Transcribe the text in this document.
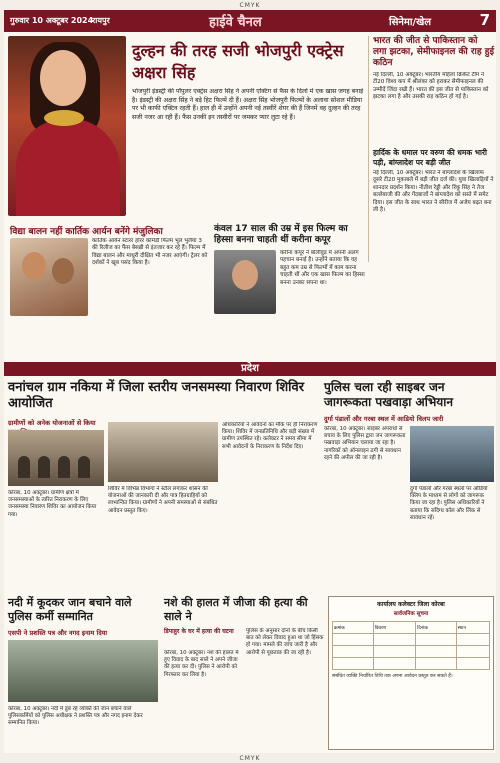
CMYK
गुरुवार 10 अक्टूबर 2024
रायपुर	हाईवे चैनल	सिनेमा/खेल	7
दुल्हन की तरह सजी भोजपुरी एक्ट्रेस अक्षरा सिंह
भोजपुरी इंडस्ट्री की पॉपुलर एक्ट्रेस अक्षरा सिंह ने अपनी एक्टिंग से फैंस के दिलों में एक खास जगह बनाई है। इंडस्ट्री की अक्षरा सिंह ने बड़े हिट फिल्में दी हैं। अक्षरा सिंह भोजपुरी फिल्मों के अलावा सोशल मीडिया पर भी काफी एक्टिव रहती हैं। हाल ही में उन्होंने अपनी नई तस्वीरें शेयर की हैं जिनमें वह दुल्हन की तरह सजी नजर आ रही हैं। फैंस उनकी इन तस्वीरों पर जमकर प्यार लुटा रहे हैं।
भारत की जीत से पाकिस्तान को लगा झटका, सेमीफाइनल की राह हुई कठिन
नई दिल्ली, 10 अक्टूबर। भारतीय महिला क्रिकेट टीम ने टी20 विश्व कप में श्रीलंका को हराकर सेमीफाइनल की उम्मीदें जिंदा रखी हैं। भारत की इस जीत से पाकिस्तान को झटका लगा है और उसकी राह कठिन हो गई है।
हार्दिक के धमाल पर वरुण की धमक भारी पड़ी, बांग्लादेश पर बड़ी जीत
नई दिल्ली, 10 अक्टूबर। भारत ने बांग्लादेश के खिलाफ दूसरे टी20 मुकाबले में बड़ी जीत दर्ज की। युवा खिलाड़ियों ने शानदार प्रदर्शन किया। नीतीश रेड्डी और रिंकू सिंह ने तेज बल्लेबाजी की और गेंदबाजों ने बांग्लादेश को सस्ते में समेट दिया। इस जीत के साथ भारत ने सीरीज में अजेय बढ़त बना ली है।
विद्या बालन नहीं कार्तिक आर्यन बनेंगे मंजुलिका
कार्तिक आर्यन स्टारर हॉरर कॉमेडी फिल्म भूल भुलैया 3 की रिलीज का फैंस बेसब्री से इंतजार कर रहे हैं। फिल्म में विद्या बालन और माधुरी दीक्षित भी नजर आएंगी। ट्रेलर को दर्शकों ने खूब पसंद किया है।
कंवल 17 साल की उम्र में इस फिल्म का हिस्सा बनना चाहती थीं करीना कपूर
करीना कपूर ने बॉलीवुड में अपनी अलग पहचान बनाई है। उन्होंने बताया कि वह बहुत कम उम्र से फिल्मों में काम करना चाहती थीं और एक खास फिल्म का हिस्सा बनना उनका सपना था।
प्रदेश
वनांचल ग्राम नकिया में जिला स्तरीय जनसमस्या निवारण शिविर आयोजित
ग्रामीणों को अनेक योजनाओं से किया
कोरबा, 10 अक्टूबर। ग्रामीण क्षेत्रों में जनसमस्याओं के त्वरित निराकरण के लिए जनसमस्या निवारण शिविर का आयोजन किया गया।
शिविर में विभिन्न विभागों ने स्टॉल लगाकर शासन की योजनाओं की जानकारी दी और पात्र हितग्राहियों को लाभान्वित किया। ग्रामीणों ने अपनी समस्याओं से संबंधित आवेदन प्रस्तुत किए।
अधिकारियों ने आवेदनों का मौके पर ही निराकरण किया। शिविर में जनप्रतिनिधि और बड़ी संख्या में ग्रामीण उपस्थित रहे। कलेक्टर ने समय सीमा में सभी आवेदनों के निराकरण के निर्देश दिए।
पुलिस चला रही साइबर जन जागरूकता पखवाड़ा अभियान
दुर्गा पंडालों और गरबा स्थल में आडियो विलप जारी
कोरबा, 10 अक्टूबर। साइबर अपराधों से बचाव के लिए पुलिस द्वारा जन जागरूकता पखवाड़ा अभियान चलाया जा रहा है। नागरिकों को ऑनलाइन ठगी से सावधान रहने की अपील की जा रही है।
दुर्गा पंडालों और गरबा स्थलों पर ऑडियो क्लिप के माध्यम से लोगों को जागरूक किया जा रहा है। पुलिस अधिकारियों ने बताया कि संदिग्ध कॉल और लिंक से सावधान रहें।
नदी में कूदकर जान बचाने वाले पुलिस कर्मी सम्मानित
एसपी ने प्रशस्ति पत्र और नगद इनाम दिया
कोरबा, 10 अक्टूबर। नदी में डूब रहे व्यक्ति की जान बचाने वाले पुलिसकर्मियों को पुलिस अधीक्षक ने प्रशस्ति पत्र और नगद इनाम देकर सम्मानित किया।
नशे की हालत में जीजा की हत्या की साले ने
डिपाहुर के घर में हत्या की घटना
कोरबा, 10 अक्टूबर। नशे की हालत में हुए विवाद के बाद साले ने अपने जीजा की हत्या कर दी। पुलिस ने आरोपी को गिरफ्तार कर लिया है।
पुलिस के अनुसार दोनों के बीच किसी बात को लेकर विवाद हुआ था जो हिंसक हो गया। मामले की जांच जारी है और आरोपी से पूछताछ की जा रही है।
कार्यालय कलेक्टर जिला कोरबा
सार्वजनिक सूचना
क्रमांक	विवरण	दिनांक	स्थान

संबंधित व्यक्ति निर्धारित तिथि तक अपना आवेदन प्रस्तुत कर सकते हैं।
CMYK
